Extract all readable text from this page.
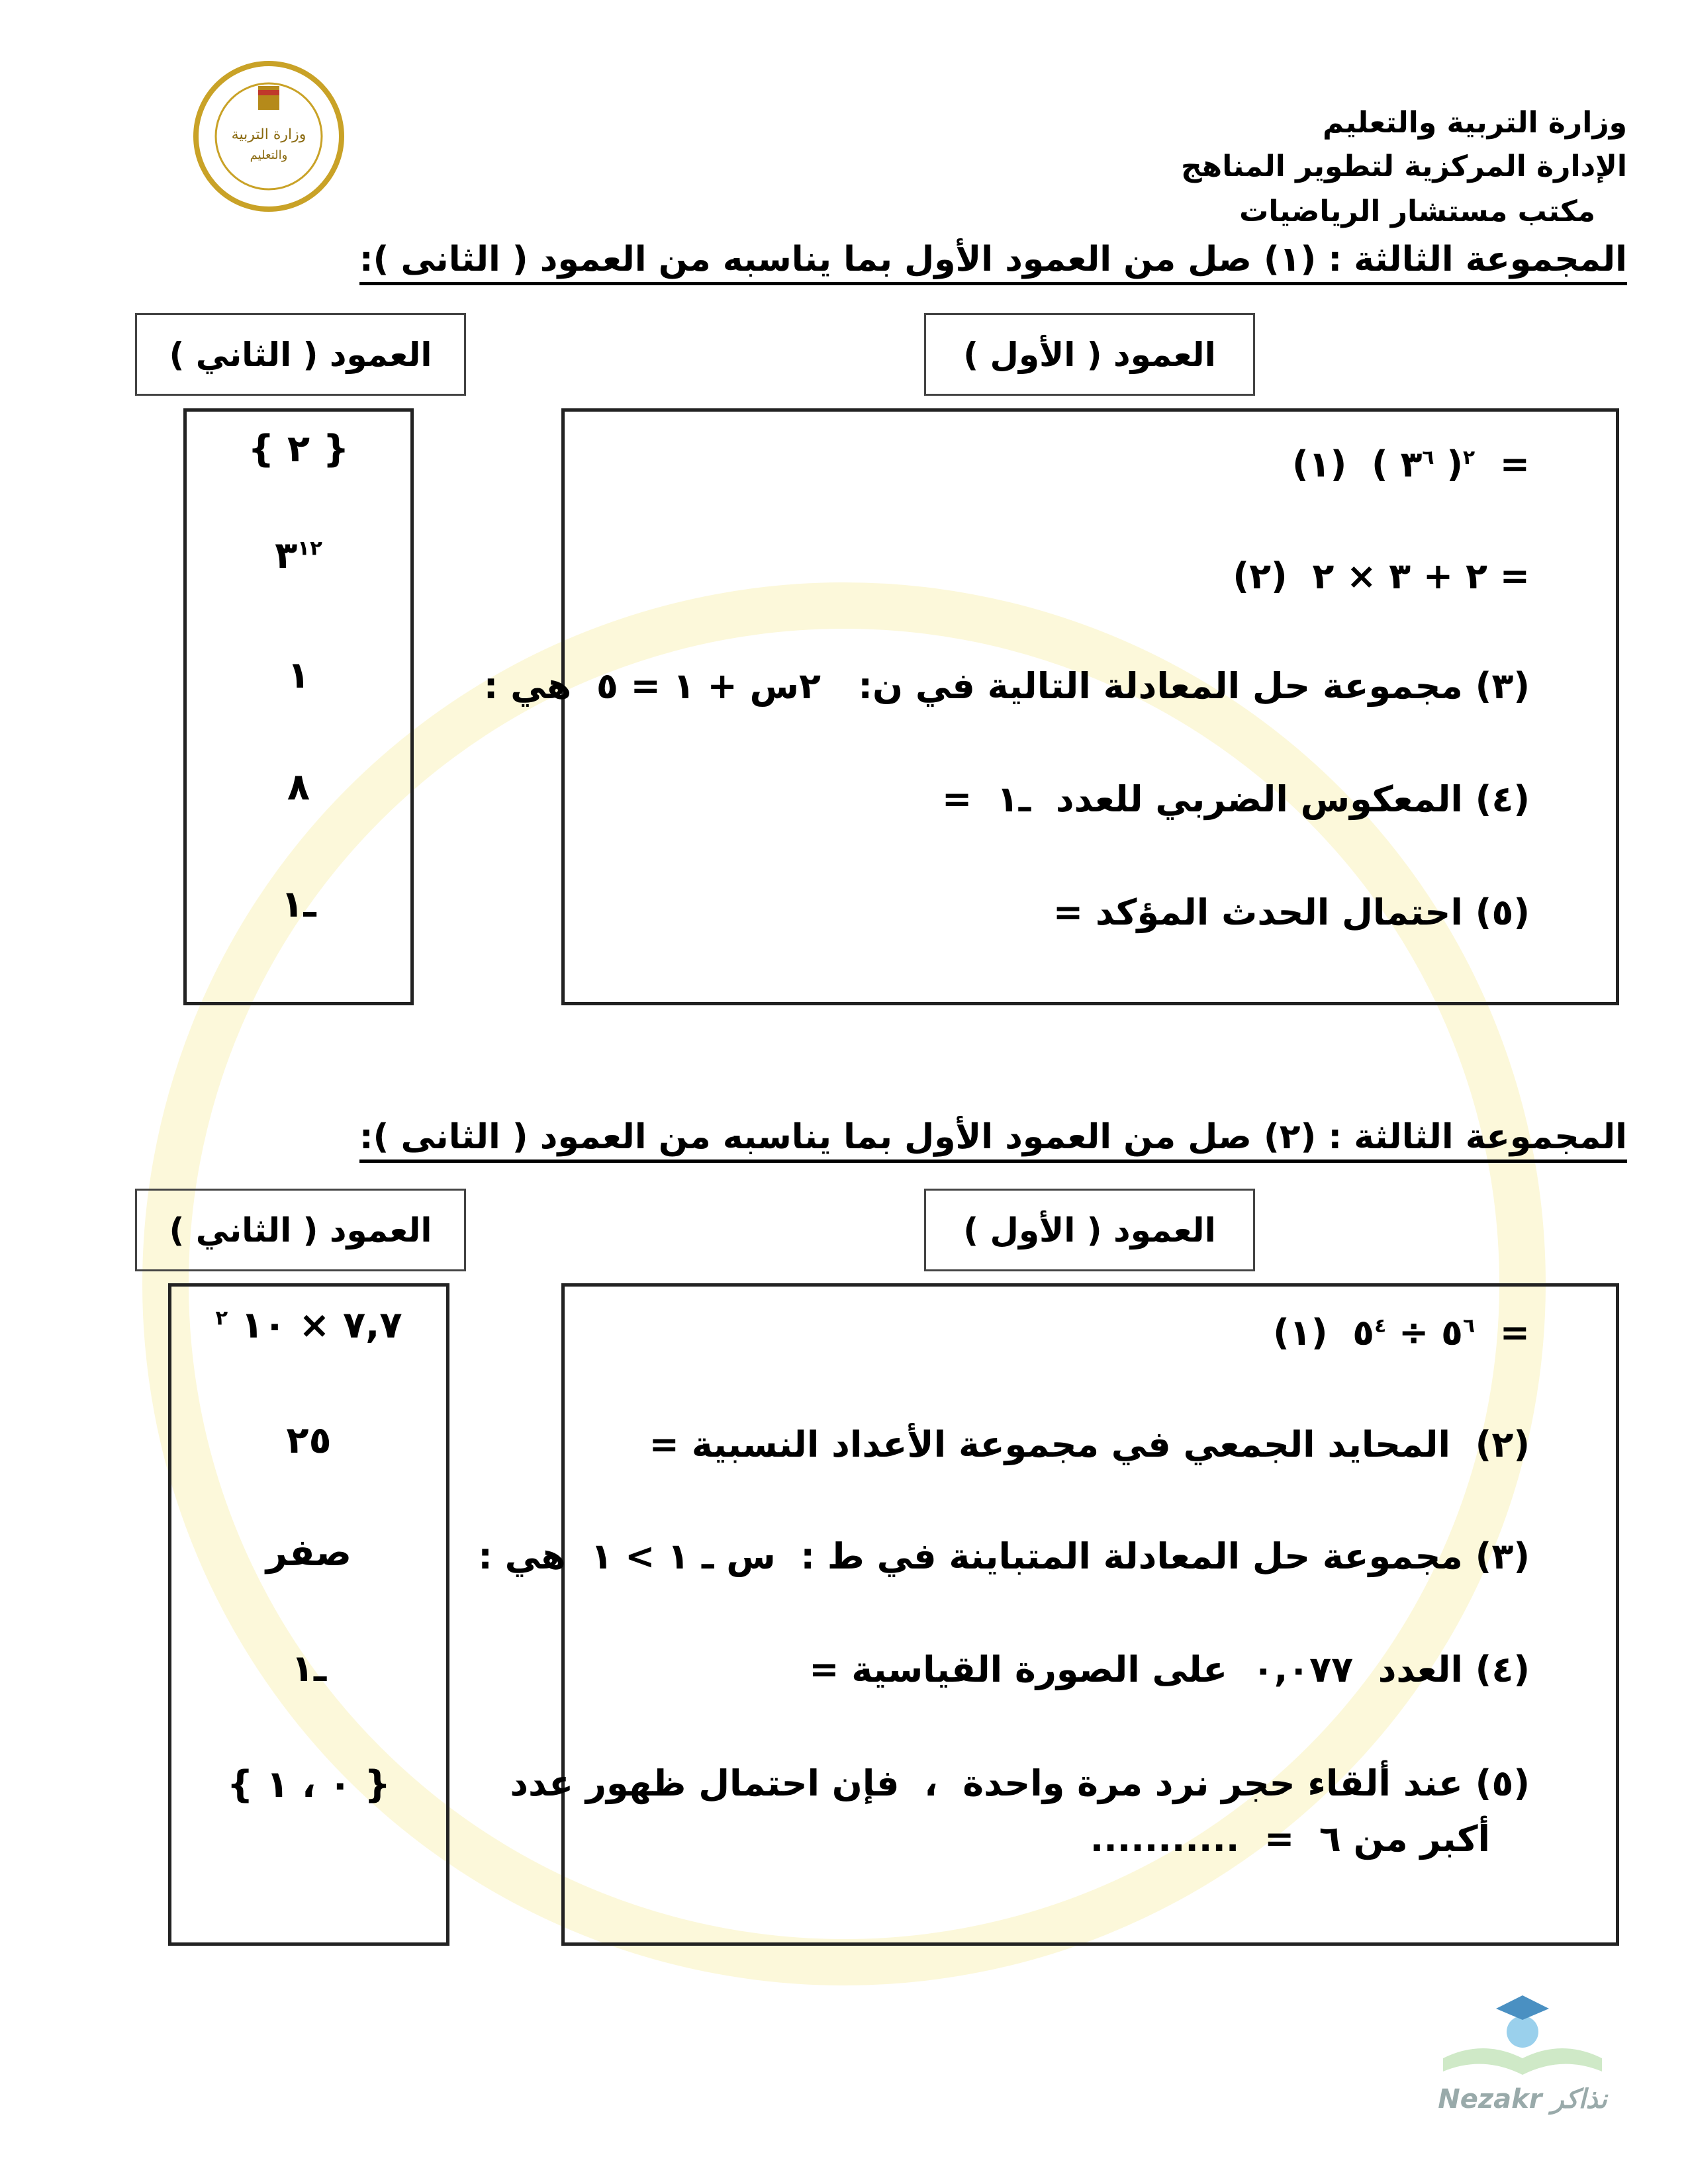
وزارة التربية
والتعليم
وزارة التربية والتعليم
الإدارة المركزية لتطوير المناهج
مكتب مستشار الرياضيات
المجموعة الثالثة : (١) صل من العمود الأول بما يناسبه من العمود ( الثانى ):
العمود ( الأول )
العمود ( الثاني )
(١)  ( $٣^٦$ )$^٢$  =
(٢)  ٢ + ٣ × ٢ =
(٣) مجموعة حل المعادلة التالية في ن:   ٢س + ١ = ٥  هي :
(٤) المعكوس الضربي للعدد  ـ١  =
(٥) احتمال الحدث المؤكد =
{ ٢ }
$٣^{١٢}$
١
٨
ـ١
المجموعة الثالثة : (٢) صل من العمود الأول بما يناسبه من العمود ( الثانى ):
العمود ( الأول )
العمود ( الثاني )
(١)  $٥^٦$ ÷ $٥^٤$  =
(٢)  المحايد الجمعي في مجموعة الأعداد النسبية =
(٣) مجموعة حل المعادلة المتباينة في ط :  س ـ ١ > ١  هي :
(٤) العدد  ٠,٠٧٧  على الصورة القياسية =
(٥) عند ألقاء حجر نرد مرة واحدة  ،  فإن احتمال ظهور عدد
أكبر من ٦  =  ...........
٧,٧ × ١٠ $^٢$
٢٥
صفر
ـ١
{ ٠ ، ١ }
Nezakr نذاكر
